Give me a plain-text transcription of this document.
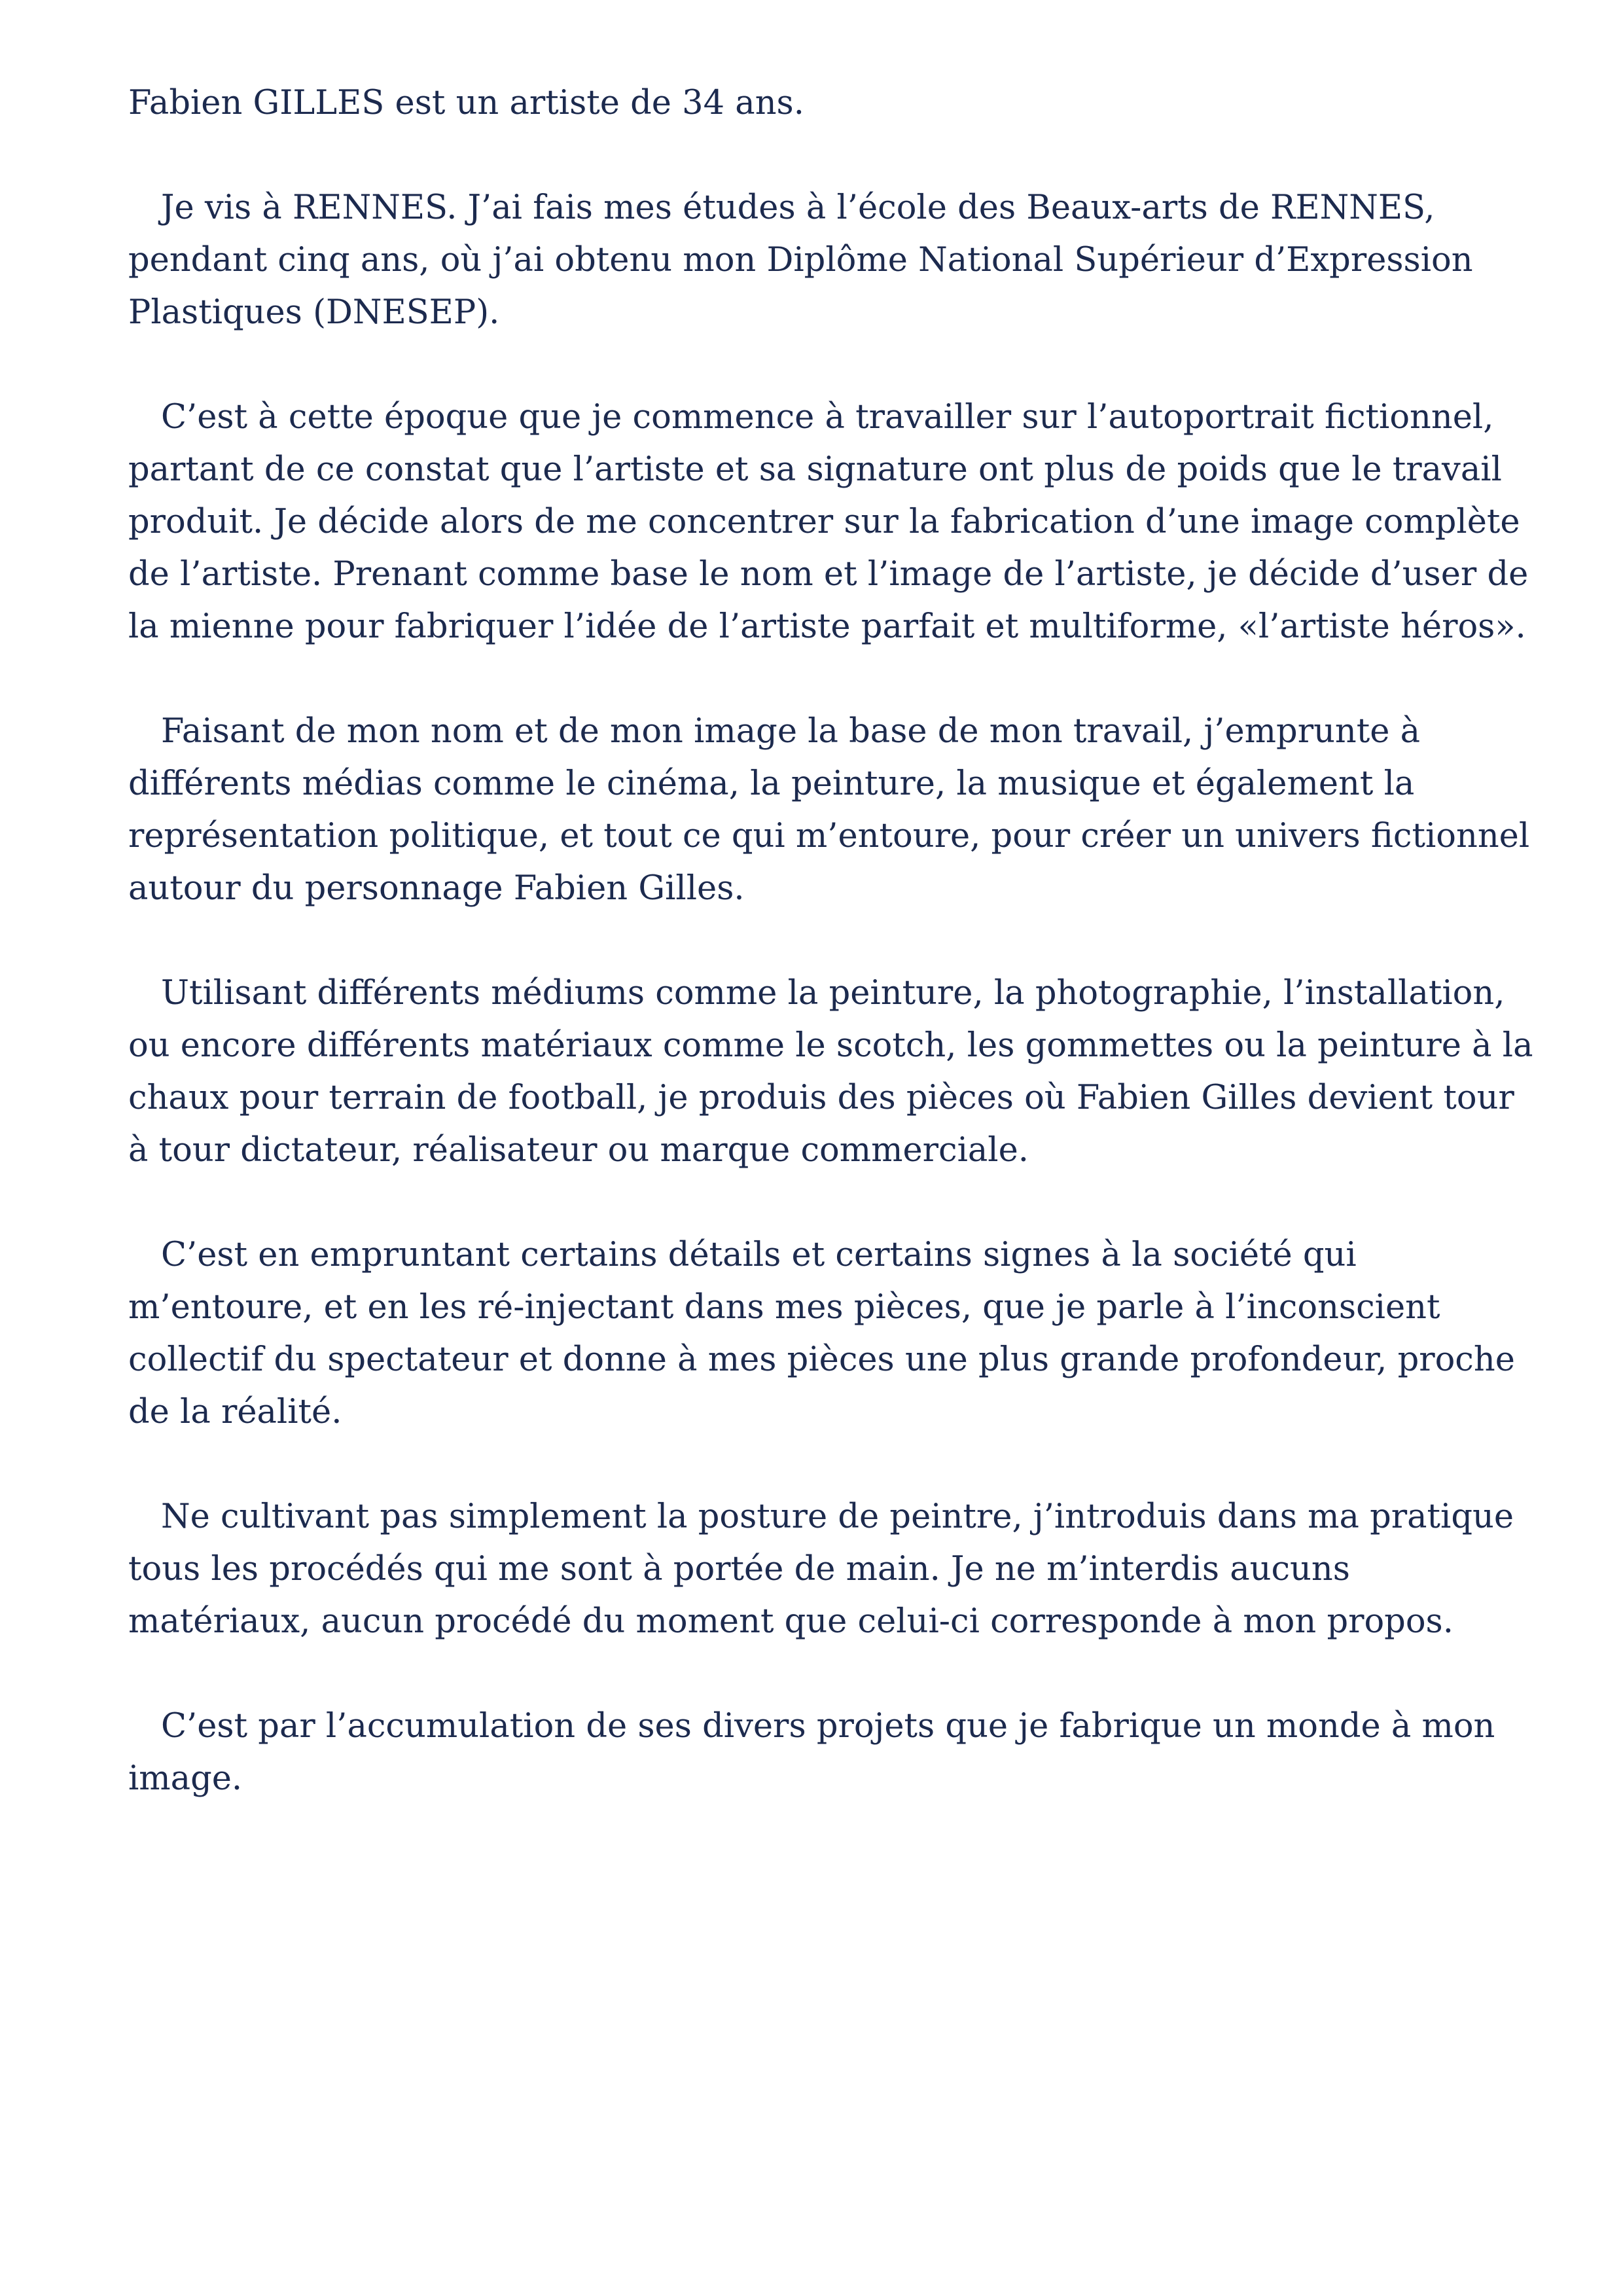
Fabien GILLES est un artiste de 34 ans.

Je vis à RENNES. J’ai fais mes études à l’école des Beaux-arts de RENNES, pendant cinq ans, où j’ai obtenu mon Diplôme National Supérieur d’Expression Plastiques (DNESEP).

C’est à cette époque que je commence à travailler sur l’autoportrait fictionnel, partant de ce constat que l’artiste et sa signature ont plus de poids que le travail produit. Je décide alors de me concentrer sur la fabrication d’une image complète de l’artiste. Prenant comme base le nom et l’image de l’artiste, je décide d’user de la mienne pour fabriquer l’idée de l’artiste parfait et multiforme, «l’artiste héros».

Faisant de mon nom et de mon image la base de mon travail, j’emprunte à différents médias comme le cinéma, la peinture, la musique et également la représentation politique, et tout ce qui m’entoure, pour créer un univers fictionnel autour du personnage Fabien Gilles.

Utilisant différents médiums comme la peinture, la photographie, l’installation, ou encore différents matériaux comme le scotch, les gommettes ou la peinture à la chaux pour terrain de football, je produis des pièces où Fabien Gilles devient tour à tour dictateur, réalisateur ou marque commerciale.

C’est en empruntant certains détails et certains signes à la société qui m’entoure, et en les ré-injectant dans mes pièces, que je parle à l’inconscient collectif du spectateur et donne à mes pièces une plus grande profondeur, proche de la réalité.

Ne cultivant pas simplement la posture de peintre, j’introduis dans ma pratique tous les procédés qui me sont à portée de main. Je ne m’interdis aucuns matériaux, aucun procédé du moment que celui-ci corresponde à mon propos.

C’est par l’accumulation de ses divers projets que je fabrique un monde à mon image.
